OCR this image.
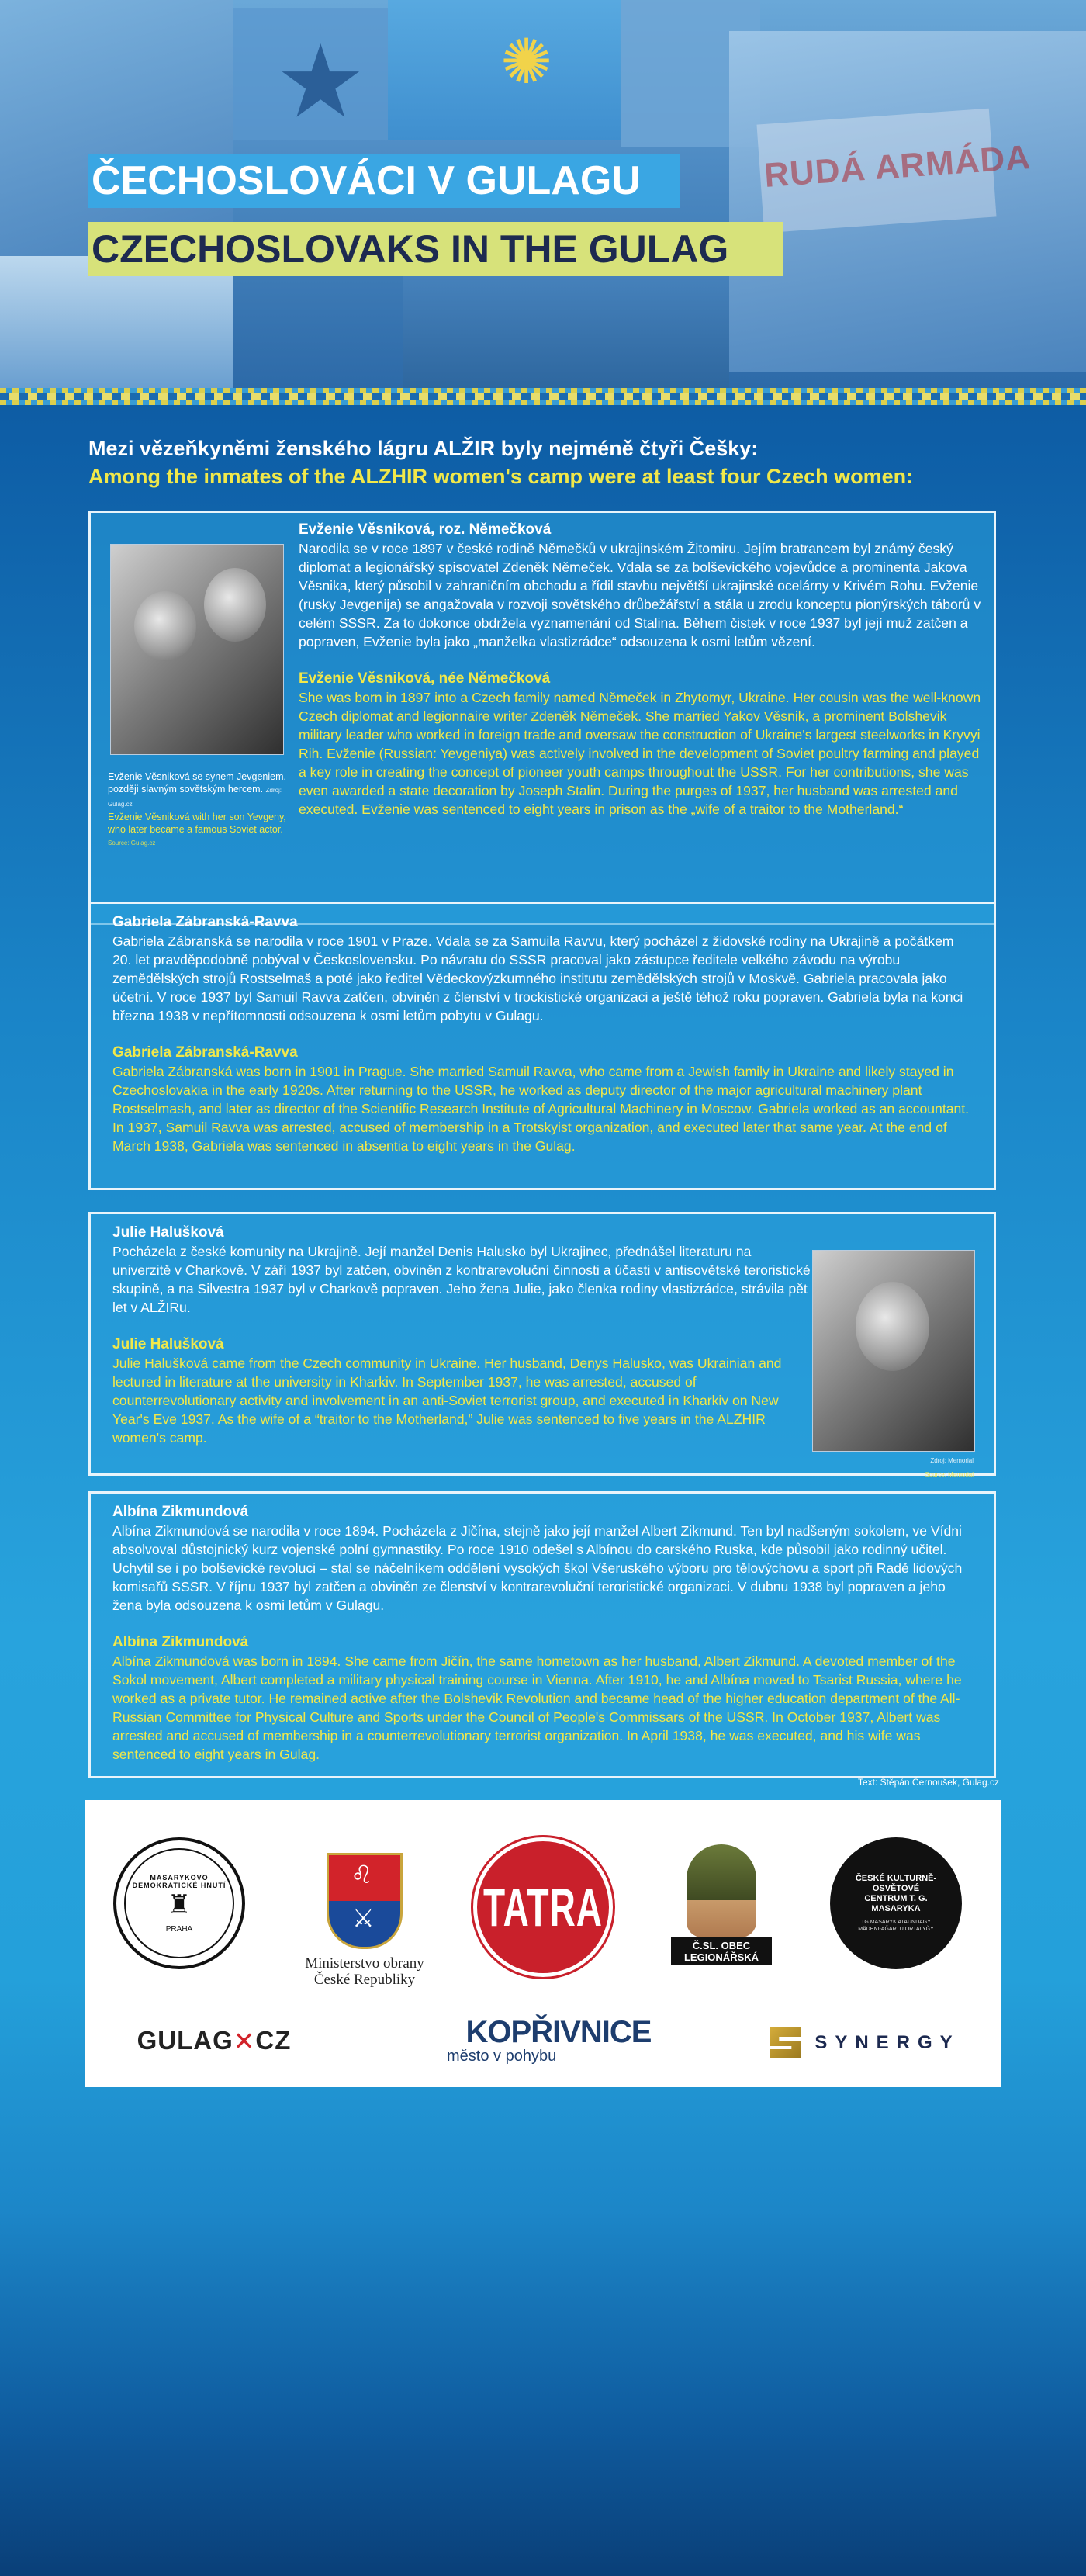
★ ✺
RUDÁ ARMÁDA
ČECHOSLOVÁCI V GULAGU
CZECHOSLOVAKS IN THE GULAG
Mezi vězeňkyněmi ženského lágru ALŽIR byly nejméně čtyři Češky:
Among the inmates of the ALZHIR women's camp were at least four Czech women:
Evženie Věsniková se synem Jevgeniem, později slavným sovětským hercem. Zdroj: Gulag.cz
Evženie Věsniková with her son Yevgeny, who later became a famous Soviet actor. Source: Gulag.cz
Evženie Věsniková, roz. Němečková

Narodila se v roce 1897 v české rodině Němečků v ukrajinském Žitomiru. Jejím bratrancem byl známý český diplomat a legionářský spisovatel Zdeněk Němeček. Vdala se za bolševického vojevůdce a prominenta Jakova Věsnika, který působil v zahraničním obchodu a řídil stavbu největší ukrajinské ocelárny v Krivém Rohu. Evženie (rusky Jevgenija) se angažovala v rozvoji sovětského drůbežářství a stála u zrodu konceptu pionýrských táborů v celém SSSR. Za to dokonce obdržela vyznamenání od Stalina. Během čistek v roce 1937 byl její muž zatčen a popraven, Evženie byla jako „manželka vlastizrádce“ odsouzena k osmi letům vězení.

Evženie Věsniková, née Němečková

She was born in 1897 into a Czech family named Němeček in Zhytomyr, Ukraine. Her cousin was the well-known Czech diplomat and legionnaire writer Zdeněk Němeček. She married Yakov Věsnik, a prominent Bolshevik military leader who worked in foreign trade and oversaw the construction of Ukraine's largest steelworks in Kryvyi Rih. Evženie (Russian: Yevgeniya) was actively involved in the development of Soviet poultry farming and played a key role in creating the concept of pioneer youth camps throughout the USSR. For her contributions, she was even awarded a state decoration by Joseph Stalin. During the purges of 1937, her husband was arrested and executed. Evženie was sentenced to eight years in prison as the „wife of a traitor to the Motherland.“

Gabriela Zábranská-Ravva

Gabriela Zábranská se narodila v roce 1901 v Praze. Vdala se za Samuila Ravvu, který pocházel z židovské rodiny na Ukrajině a počátkem 20. let pravděpodobně pobýval v Československu. Po návratu do SSSR pracoval jako zástupce ředitele velkého závodu na výrobu zemědělských strojů Rostselmaš a poté jako ředitel Vědeckovýzkumného institutu zemědělských strojů v Moskvě. Gabriela pracovala jako účetní. V roce 1937 byl Samuil Ravva zatčen, obviněn z členství v trockistické organizaci a ještě téhož roku popraven. Gabriela byla na konci března 1938 v nepřítomnosti odsouzena k osmi letům pobytu v Gulagu.

Gabriela Zábranská-Ravva

Gabriela Zábranská was born in 1901 in Prague. She married Samuil Ravva, who came from a Jewish family in Ukraine and likely stayed in Czechoslovakia in the early 1920s. After returning to the USSR, he worked as deputy director of the major agricultural machinery plant Rostselmash, and later as director of the Scientific Research Institute of Agricultural Machinery in Moscow. Gabriela worked as an accountant. In 1937, Samuil Ravva was arrested, accused of membership in a Trotskyist organization, and executed later that same year. At the end of March 1938, Gabriela was sentenced in absentia to eight years in the Gulag.

Julie Halušková

Pocházela z české komunity na Ukrajině. Její manžel Denis Halusko byl Ukrajinec, přednášel literaturu na univerzitě v Charkově. V září 1937 byl zatčen, obviněn z kontrarevoluční činnosti a účasti v antisovětské teroristické skupině, a na Silvestra 1937 byl v Charkově popraven. Jeho žena Julie, jako členka rodiny vlastizrádce, strávila pět let v ALŽIRu.

Julie Halušková

Julie Halušková came from the Czech community in Ukraine. Her husband, Denys Halusko, was Ukrainian and lectured in literature at the university in Kharkiv. In September 1937, he was arrested, accused of counterrevolutionary activity and involvement in an anti-Soviet terrorist group, and executed in Kharkiv on New Year's Eve 1937. As the wife of a “traitor to the Motherland,” Julie was sentenced to five years in the ALZHIR women's camp.

Zdroj: Memorial
Source: Memorial
Albína Zikmundová

Albína Zikmundová se narodila v roce 1894. Pocházela z Jičína, stejně jako její manžel Albert Zikmund. Ten byl nadšeným sokolem, ve Vídni absolvoval důstojnický kurz vojenské polní gymnastiky. Po roce 1910 odešel s Albínou do carského Ruska, kde působil jako rodinný učitel. Uchytil se i po bolševické revoluci – stal se náčelníkem oddělení vysokých škol Všeruského výboru pro tělovýchovu a sport při Radě lidových komisařů SSSR. V říjnu 1937 byl zatčen a obviněn ze členství v kontrarevoluční teroristické organizaci. V dubnu 1938 byl popraven a jeho žena byla odsouzena k osmi letům v Gulagu.

Albína Zikmundová

Albína Zikmundová was born in 1894. She came from Jičín, the same hometown as her husband, Albert Zikmund. A devoted member of the Sokol movement, Albert completed a military physical training course in Vienna. After 1910, he and Albína moved to Tsarist Russia, where he worked as a private tutor. He remained active after the Bolshevik Revolution and became head of the higher education department of the All-Russian Committee for Physical Culture and Sports under the Council of People's Commissars of the USSR. In October 1937, Albert was arrested and accused of membership in a counterrevolutionary terrorist organization. In April 1938, he was executed, and his wife was sentenced to eight years in Gulag.

Text: Štěpán Černoušek, Gulag.cz
MASARYKOVO DEMOKRATICKÉ HNUTÍ
♜
PRAHA
♌
⚔
Ministerstvo obrany
České Republiky
TATRA
Č.SL. OBEC
LEGIONÁŘSKÁ
ČESKÉ KULTURNĚ-OSVĚTOVÉ CENTRUM T. G. MASARYKA
TG MASARYK ATAUNDAGY MÄDENI-AĞARTU ORTALYĞY
GULAG ✕ CZ	KOPŘIVNICE
město v pohybu
SYNERGY
